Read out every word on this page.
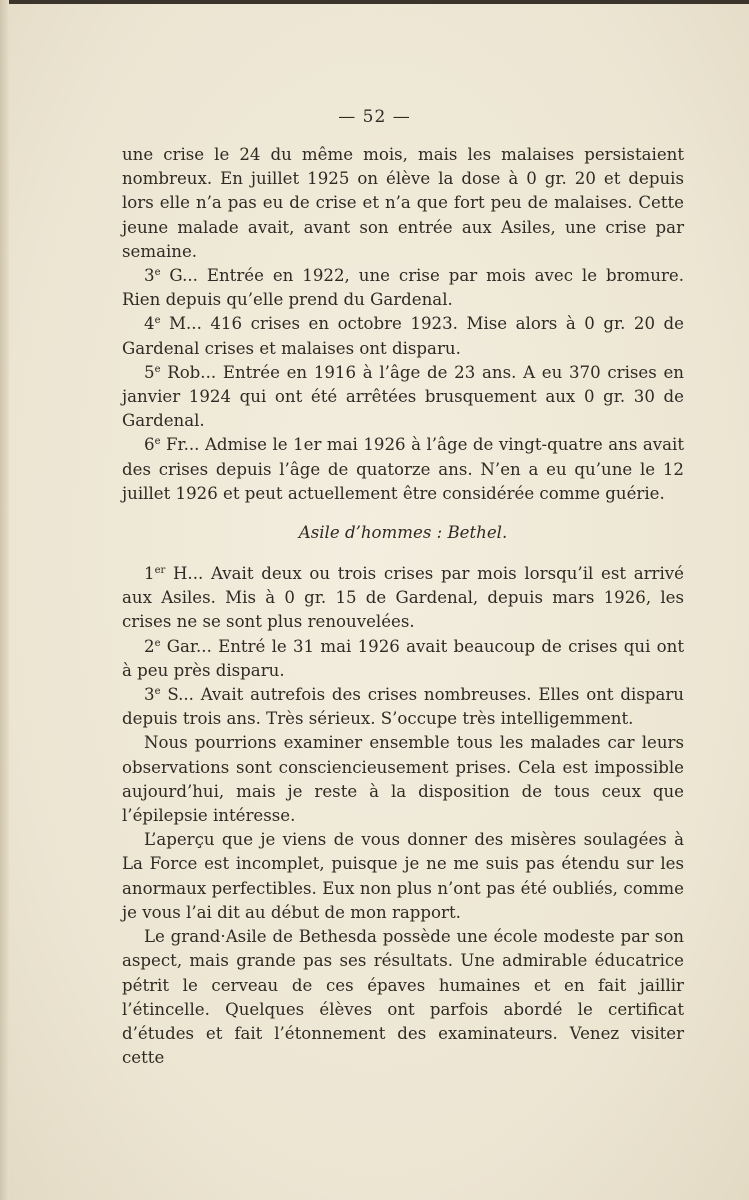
— 52 —

une crise le 24 du même mois, mais les malaises persistaient nombreux. En juillet 1925 on élève la dose à 0 gr. 20 et depuis lors elle n’a pas eu de crise et n’a que fort peu de malaises. Cette jeune malade avait, avant son entrée aux Asiles, une crise par semaine.

3e G... Entrée en 1922, une crise par mois avec le bromure. Rien depuis qu’elle prend du Gardenal.

4e M... 416 crises en octobre 1923. Mise alors à 0 gr. 20 de Gardenal crises et malaises ont disparu.

5e Rob... Entrée en 1916 à l’âge de 23 ans. A eu 370 crises en janvier 1924 qui ont été arrêtées brusquement aux 0 gr. 30 de Gardenal.

6e Fr... Admise le 1er mai 1926 à l’âge de vingt-quatre ans avait des crises depuis l’âge de quatorze ans. N’en a eu qu’une le 12 juillet 1926 et peut actuellement être considérée comme guérie.

Asile d’hommes : Bethel.

1er H... Avait deux ou trois crises par mois lorsqu’il est arrivé aux Asiles. Mis à 0 gr. 15 de Gardenal, depuis mars 1926, les crises ne se sont plus renouvelées.

2e Gar... Entré le 31 mai 1926 avait beaucoup de crises qui ont à peu près disparu.

3e S... Avait autrefois des crises nombreuses. Elles ont disparu depuis trois ans. Très sérieux. S’occupe très intelligemment.

Nous pourrions examiner ensemble tous les malades car leurs observations sont consciencieusement prises. Cela est impossible aujourd’hui, mais je reste à la disposition de tous ceux que l’épilepsie intéresse.

L’aperçu que je viens de vous donner des misères soulagées à La Force est incomplet, puisque je ne me suis pas étendu sur les anormaux perfectibles. Eux non plus n’ont pas été oubliés, comme je vous l’ai dit au début de mon rapport.

Le grand·Asile de Bethesda possède une école modeste par son aspect, mais grande pas ses résultats. Une admirable éducatrice pétrit le cerveau de ces épaves humaines et en fait jaillir l’étincelle. Quelques élèves ont parfois abordé le certificat d’études et fait l’étonnement des examinateurs. Venez visiter cette
